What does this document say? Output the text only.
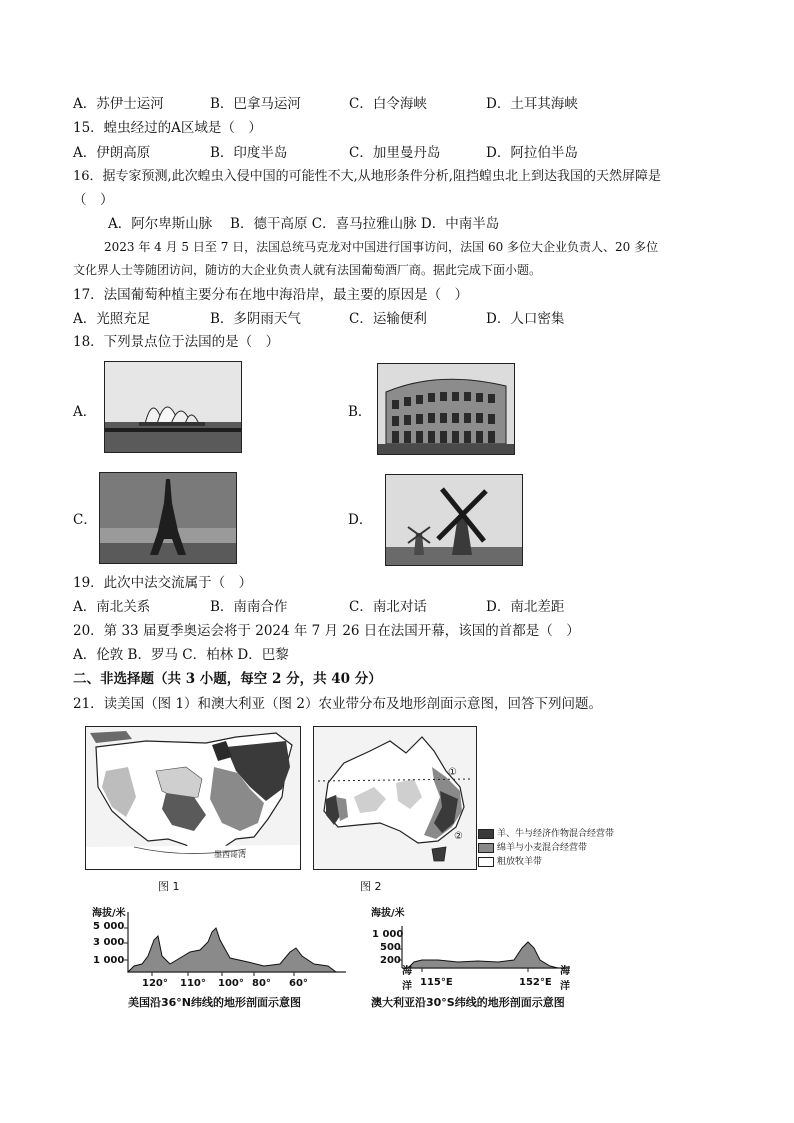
A．苏伊士运河	B．巴拿马运河	C．白令海峡	D．土耳其海峡
15．蝗虫经过的A区域是（　）
A．伊朗高原	B．印度半岛	C．加里曼丹岛	D．阿拉伯半岛
16．据专家预测,此次蝗虫入侵中国的可能性不大,从地形条件分析,阻挡蝗虫北上到达我国的天然屏障是
（　）
A．阿尔卑斯山脉　 B．德干高原 C．喜马拉雅山脉 D．中南半岛
2023 年 4 月 5 日至 7 日，法国总统马克龙对中国进行国事访问，法国 60 多位大企业负责人、20 多位
文化界人士等随团访问，随访的大企业负责人就有法国葡萄酒厂商。据此完成下面小题。
17．法国葡萄种植主要分布在地中海沿岸，最主要的原因是（　）
A．光照充足	B．多阴雨天气	C．运输便利	D．人口密集
18．下列景点位于法国的是（　）
A．	B．
C．	D．
19．此次中法交流属于（　）
A．南北关系	B．南南合作	C．南北对话	D．南北差距
20．第 33 届夏季奥运会将于 2024 年 7 月 26 日在法国开幕，该国的首都是（　）
A．伦敦 B．罗马 C．柏林 D．巴黎
二、非选择题（共 3 小题，每空 2 分，共 40 分）
21．读美国（图 1）和澳大利亚（图 2）农业带分布及地形剖面示意图，回答下列问题。
墨西哥湾
图 1
①
②
图 2
羊、牛与经济作物混合经营带
绵羊与小麦混合经营带
粗放牧羊带
海拔/米
5 000
3 000
1 000
120° 110° 100° 80° 60°
美国沿36°N纬线的地形剖面示意图
海拔/米
1 000
500
200
海
洋 115°E	152°E
海
洋
澳大利亚沿30°S纬线的地形剖面示意图
